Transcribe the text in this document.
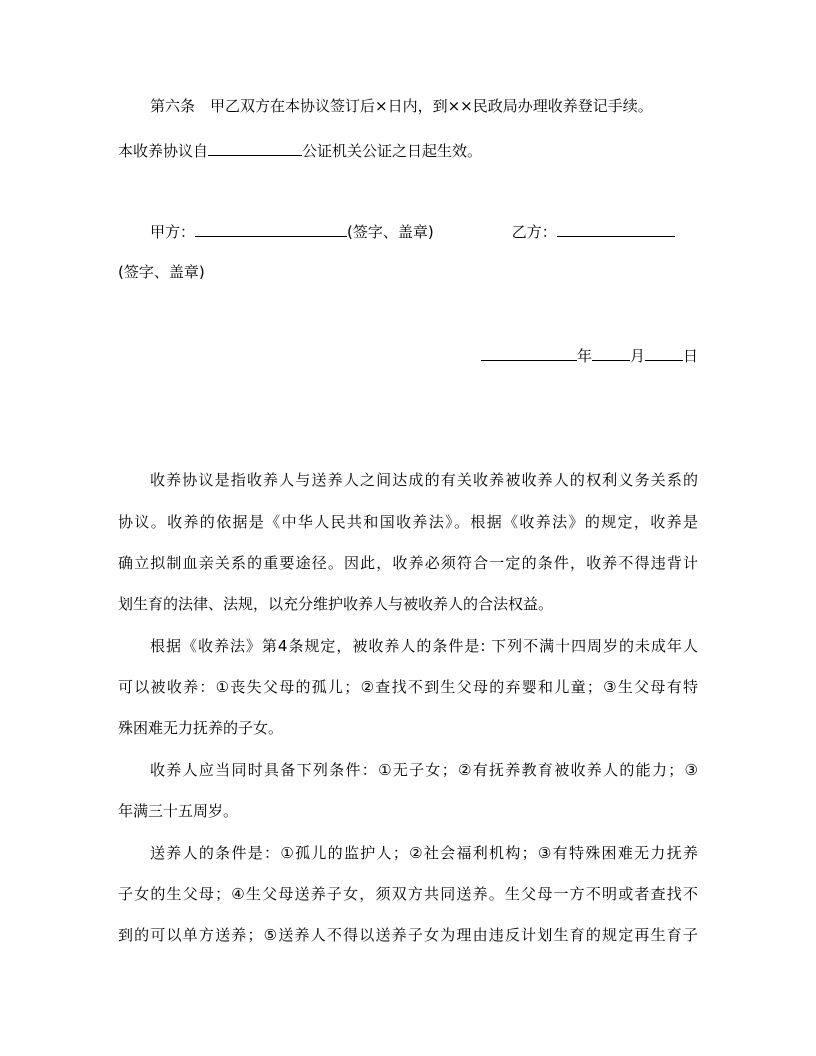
第六条　甲乙双方在本协议签订后×日内，到××民政局办理收养登记手续。
本收养协议自	公证机关公证之日起生效。
甲方：	(签字、盖章)	乙方：
(签字、盖章)
年	月	日
收养协议是指收养人与送养人之间达成的有关收养被收养人的权利义务关系的
协议。收养的依据是《中华人民共和国收养法》。根据《收养法》的规定，收养是
确立拟制血亲关系的重要途径。因此，收养必须符合一定的条件，收养不得违背计
划生育的法律、法规，以充分维护收养人与被收养人的合法权益。
根据《收养法》第4条规定，被收养人的条件是: 下列不满十四周岁的未成年人
可以被收养：①丧失父母的孤儿；②查找不到生父母的弃婴和儿童；③生父母有特
殊困难无力抚养的子女。
收养人应当同时具备下列条件：①无子女；②有抚养教育被收养人的能力；③
年满三十五周岁。
送养人的条件是：①孤儿的监护人；②社会福利机构；③有特殊困难无力抚养
子女的生父母；④生父母送养子女，须双方共同送养。生父母一方不明或者查找不
到的可以单方送养；⑤送养人不得以送养子女为理由违反计划生育的规定再生育子
